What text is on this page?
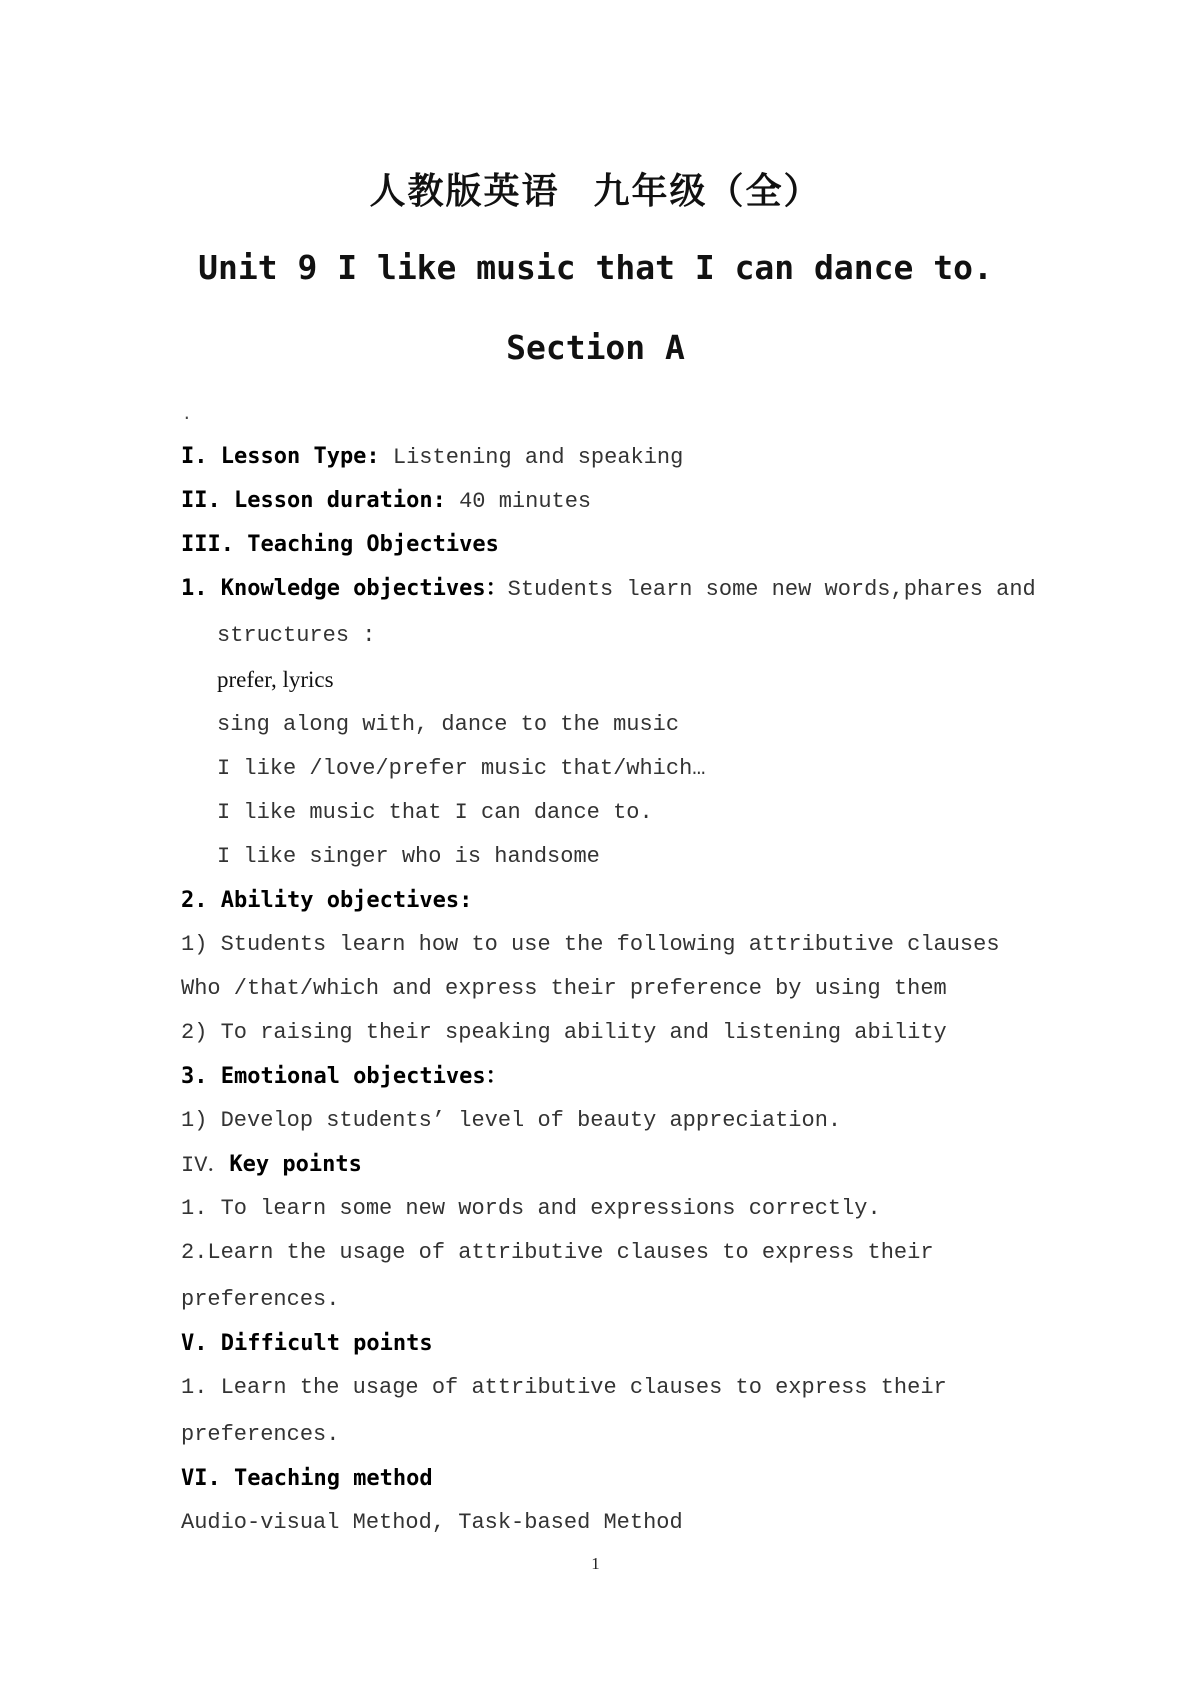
人教版英语 九年级（全）
Unit 9 I like music that I can dance to.
Section A
.
I. Lesson Type: Listening and speaking
II. Lesson duration: 40 minutes
III. Teaching Objectives
1. Knowledge objectives：Students learn some new words,phares and
structures :
prefer, lyrics
sing along with, dance to the music
I like /love/prefer music that/which…
I like music that I can dance to.
I like singer who is handsome
2. Ability objectives:
1) Students learn how to use the following attributive clauses
Who /that/which and express their preference by using them
2) To raising their speaking ability and listening ability
3. Emotional objectives：
1) Develop students’ level of beauty appreciation.
IV．Key points
1. To learn some new words and expressions correctly.
2.Learn the usage of attributive clauses to express their
preferences.
V. Difficult points
1. Learn the usage of attributive clauses to express their
preferences.
VI. Teaching method
Audio-visual Method, Task-based Method
1
